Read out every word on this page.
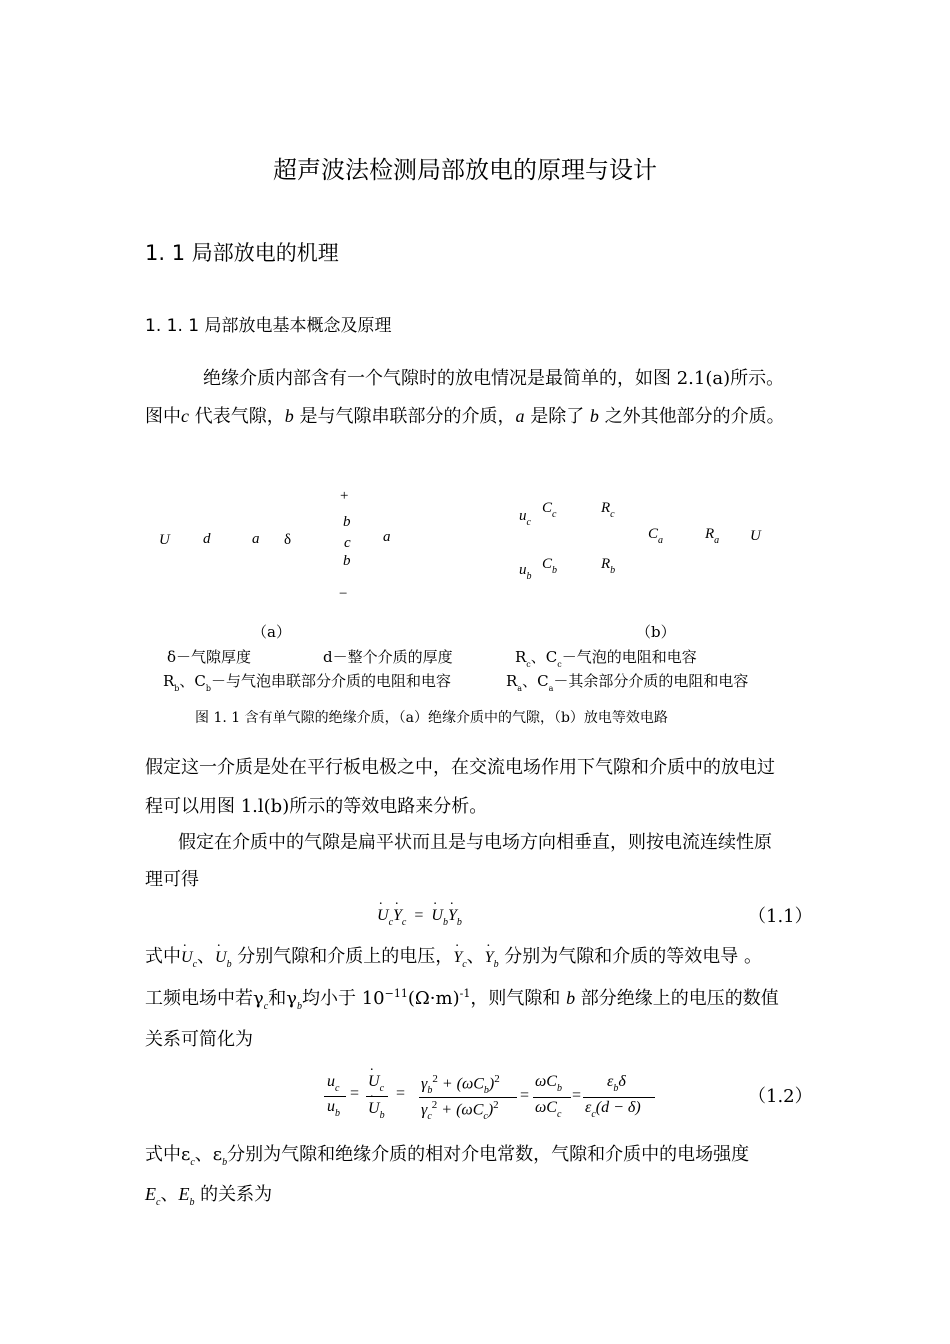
超声波法检测局部放电的原理与设计
1. 1 局部放电的机理
1. 1. 1 局部放电基本概念及原理
绝缘介质内部含有一个气隙时的放电情况是最简单的，如图 2.1(a)所示。
图中c 代表气隙，b 是与气隙串联部分的介质，a 是除了 b 之外其他部分的介质。
U d	a δ
+
b
c
b
a
−
$u_c$
$C_c$	$R_c$
$C_a$	$R_a$ U
$u_b$
$C_b$	$R_b$
（a）	（b）
δ－气隙厚度	d－整个介质的厚度	$R_c$、$C_c-$气泡的电阻和电容
$R_b$、$C_b-$与气泡串联部分介质的电阻和电容	$R_a$、$C_a-$其余部分介质的电阻和电容
图 1. 1 含有单气隙的绝缘介质，（a）绝缘介质中的气隙，（b）放电等效电路
假定这一介质是处在平行板电极之中，在交流电场作用下气隙和介质中的放电过
程可以用图 1.l(b)所示的等效电路来分析。
假定在介质中的气隙是扁平状而且是与电场方向相垂直，则按电流连续性原
理可得
. $U_c$. $Y_c$  =  . $U_b$. $Y_b$	（1.1）
式中. $U_c$、. $U_b$ 分别气隙和介质上的电压，. $Y_c$、. $Y_b$ 分别为气隙和介质的等效电导 。
工频电场中若$\gamma_c$和$\gamma_b$均小于 $10^{-11}(\Omega\cdot m)^{-1}$，则气隙和 b 部分绝缘上的电压的数值
关系可简化为
$u_c$
$u_b$
=
. $U_c$
. $U_b$
=
$\gamma_b^2 + (\omega C_b)^2$
$\gamma_c^2 + (\omega C_c)^2$
=
$\omega C_b$
$\omega C_c$
=
$\varepsilon_b\delta$
$\varepsilon_c(d - \delta)$
（1.2）
式中$\varepsilon_c$、$\varepsilon_b$分别为气隙和绝缘介质的相对介电常数，气隙和介质中的电场强度
$E_c$、$E_b$ 的关系为
